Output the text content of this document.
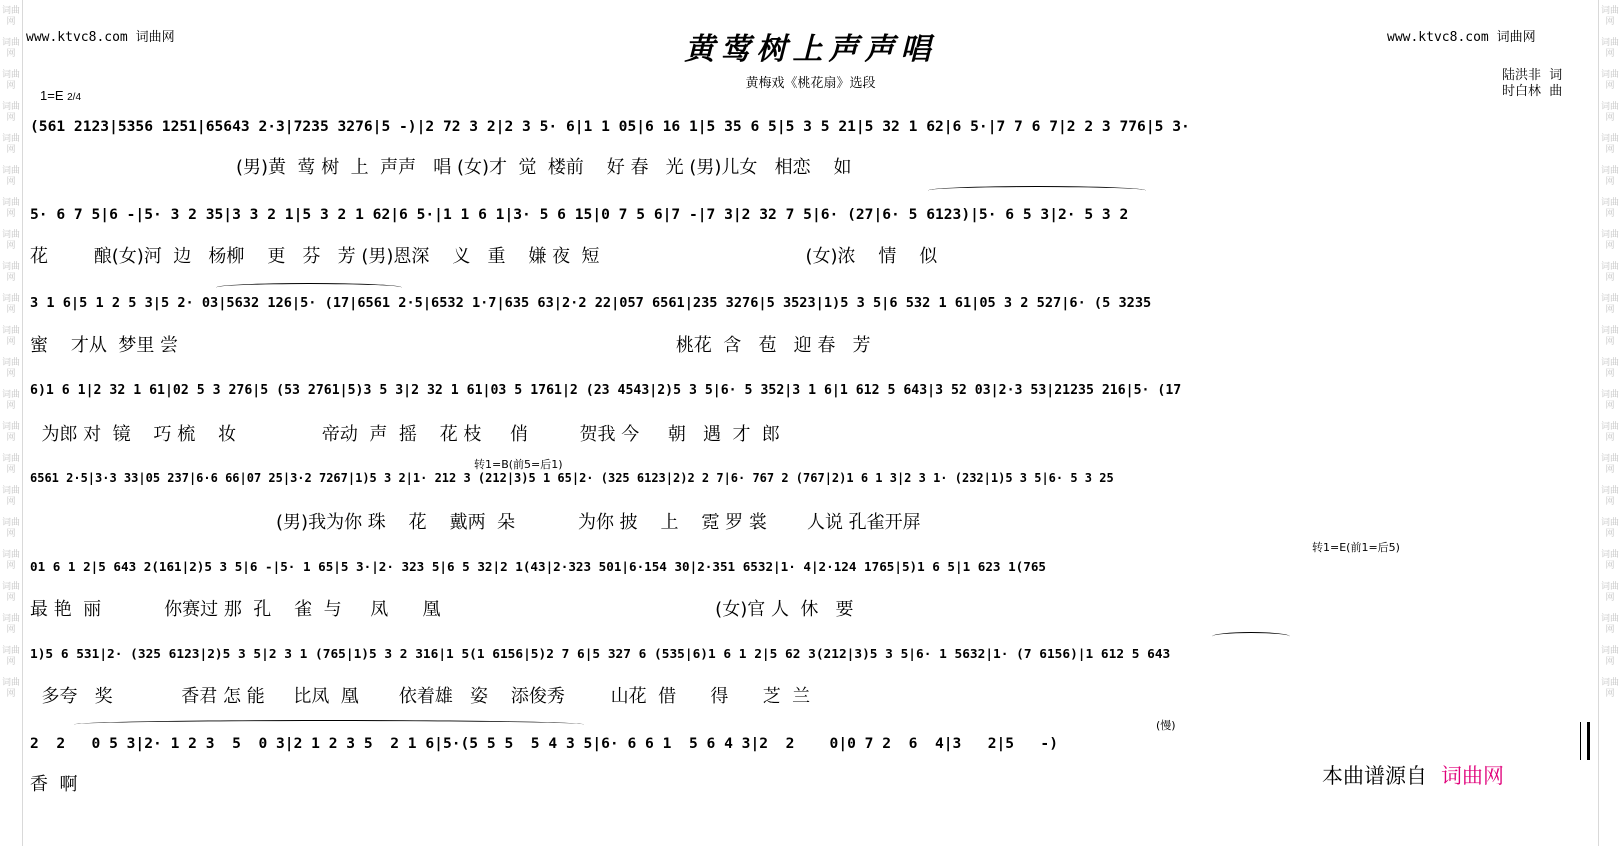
词曲网
词曲网
词曲网
词曲网
词曲网
词曲网
词曲网
词曲网
词曲网
词曲网
词曲网
词曲网
词曲网
词曲网
词曲网
词曲网
词曲网
词曲网
词曲网
词曲网
词曲网
词曲网
词曲网
词曲网
词曲网
词曲网
词曲网
词曲网
词曲网
词曲网
词曲网
词曲网
词曲网
词曲网
词曲网
词曲网
词曲网
词曲网
词曲网
词曲网
词曲网
词曲网
词曲网
词曲网
www.ktvc8.com 词曲网	www.ktvc8.com 词曲网
黄莺树上声声唱
黄梅戏《桃花扇》选段
陆洪非  词
时白林  曲
1=E 2/4
(561 2123|5356 1251|65643 2·3|7235 3276|5 -)|2 72 3 2|2 3 5· 6|1 1 05|6 16 1|5 35 6 5|5 3 5 21|5 32 1 62|6 5·|7 7 6 7|2 2 3 776|5 3·
(男)黄  莺 树  上  声声   唱 (女)才  觉  楼前    好 春   光 (男)儿女   相恋    如
5· 6 7 5|6 -|5· 3 2 35|3 3 2 1|5 3 2 1 62|6 5·|1 1 6 1|3· 5 6 15|0 7 5 6|7 -|7 3|2 32 7 5|6· (27|6· 5 6123)|5· 6 5 3|2· 5 3 2
花        酿(女)河  边   杨柳    更   芬   芳 (男)恩深    义   重    嫌 夜  短                                    (女)浓    情    似
3 1 6|5 1 2 5 3|5 2· 03|5632 126|5· (17|6561 2·5|6532 1·7|635 63|2·2 22|057 6561|235 3276|5 3523|1)5 3 5|6 532 1 61|05 3 2 527|6· (5 3235
蜜    才从  梦里 尝                                                                                       桃花  含   苞   迎 春   芳
6)1 6 1|2 32 1 61|02 5 3 276|5 (53 2761|5)3 5 3|2 32 1 61|03 5 1761|2 (23 4543|2)5 3 5|6· 5 352|3 1 6|1 612 5 643|3 52 03|2·3 53|21235 216|5· (17
为郎 对  镜    巧 梳    妆               帝动  声  摇    花 枝     俏         贺我 今     朝   遇  才  郎
6561 2·5|3·3 33|05 237|6·6 66|07 25|3·2 7267|1)5 3 2|1· 212 3 (212|3)5 1 65|2· (325 6123|2)2 2 7|6· 767 2 (767|2)1 6 1 3|2 3 1· (232|1)5 3 5|6· 5 3 25
(男)我为你 珠    花    戴两  朵           为你 披    上    霓 罗 裳       人说 孔雀开屏
01 6 1 2|5 643 2(161|2)5 3 5|6 -|5· 1 65|5 3·|2· 323 5|6 5 32|2 1(43|2·323 501|6·154 30|2·351 6532|1· 4|2·124 1765|5)1 6 5|1 623 1(765
最 艳  丽           你赛过 那  孔    雀  与     凤      凰                                                (女)官 人  休   要
1)5 6 531|2· (325 6123|2)5 3 5|2 3 1 (765|1)5 3 2 316|1 5(1 6156|5)2 7 6|5 327 6 (535|6)1 6 1 2|5 62 3(212|3)5 3 5|6· 1 5632|1· (7 6156)|1 612 5 643
多夸   奖            香君 怎 能     比凤  凰       依着雄   姿    添俊秀        山花  借      得      芝  兰
2  2   0 5 3|2· 1 2 3  5  0 3|2 1 2 3 5  2 1 6|5·(5 5 5  5 4 3 5|6· 6 6 1  5 6 4 3|2  2    0|0 7 2  6  4|3   2|5   -)
香  啊
转1=B(前5=后1)
转1=E(前1=后5)
(慢)
本曲谱源自 词曲网
